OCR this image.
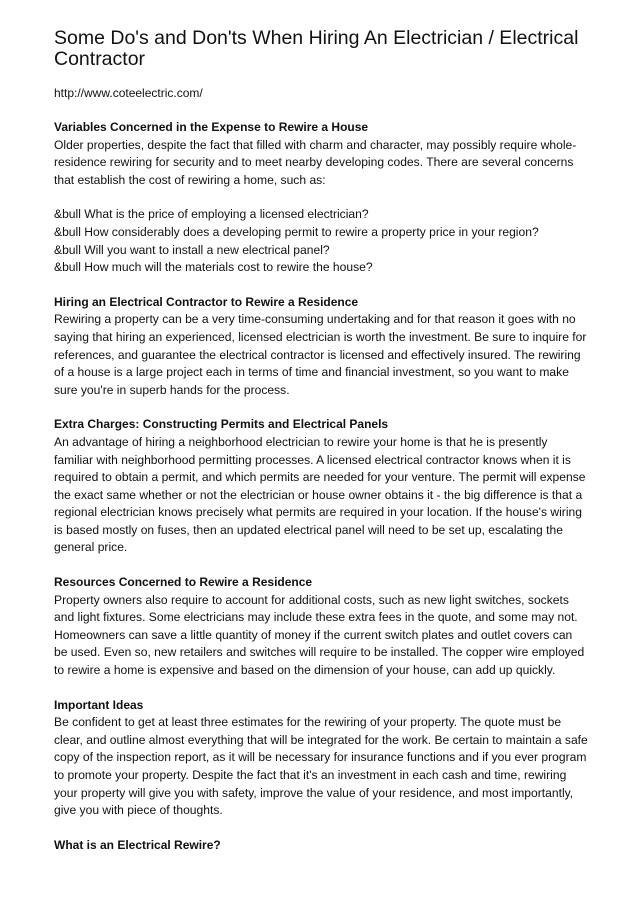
Some Do's and Don'ts When Hiring An Electrician / Electrical Contractor
http://www.coteelectric.com/
Variables Concerned in the Expense to Rewire a House

Older properties, despite the fact that filled with charm and character, may possibly require whole-residence rewiring for security and to meet nearby developing codes. There are several concerns that establish the cost of rewiring a home, such as:

&bull What is the price of employing a licensed electrician?
&bull How considerably does a developing permit to rewire a property price in your region?
&bull Will you want to install a new electrical panel?
&bull How much will the materials cost to rewire the house?
Hiring an Electrical Contractor to Rewire a Residence

Rewiring a property can be a very time-consuming undertaking and for that reason it goes with no saying that hiring an experienced, licensed electrician is worth the investment. Be sure to inquire for references, and guarantee the electrical contractor is licensed and effectively insured. The rewiring of a house is a large project each in terms of time and financial investment, so you want to make sure you're in superb hands for the process.

Extra Charges: Constructing Permits and Electrical Panels

An advantage of hiring a neighborhood electrician to rewire your home is that he is presently familiar with neighborhood permitting processes. A licensed electrical contractor knows when it is required to obtain a permit, and which permits are needed for your venture. The permit will expense the exact same whether or not the electrician or house owner obtains it - the big difference is that a regional electrician knows precisely what permits are required in your location. If the house's wiring is based mostly on fuses, then an updated electrical panel will need to be set up, escalating the general price.

Resources Concerned to Rewire a Residence

Property owners also require to account for additional costs, such as new light switches, sockets and light fixtures. Some electricians may include these extra fees in the quote, and some may not. Homeowners can save a little quantity of money if the current switch plates and outlet covers can be used. Even so, new retailers and switches will require to be installed. The copper wire employed to rewire a home is expensive and based on the dimension of your house, can add up quickly.

Important Ideas

Be confident to get at least three estimates for the rewiring of your property. The quote must be clear, and outline almost everything that will be integrated for the work. Be certain to maintain a safe copy of the inspection report, as it will be necessary for insurance functions and if you ever program to promote your property. Despite the fact that it's an investment in each cash and time, rewiring your property will give you with safety, improve the value of your residence, and most importantly, give you with piece of thoughts.

What is an Electrical Rewire?
